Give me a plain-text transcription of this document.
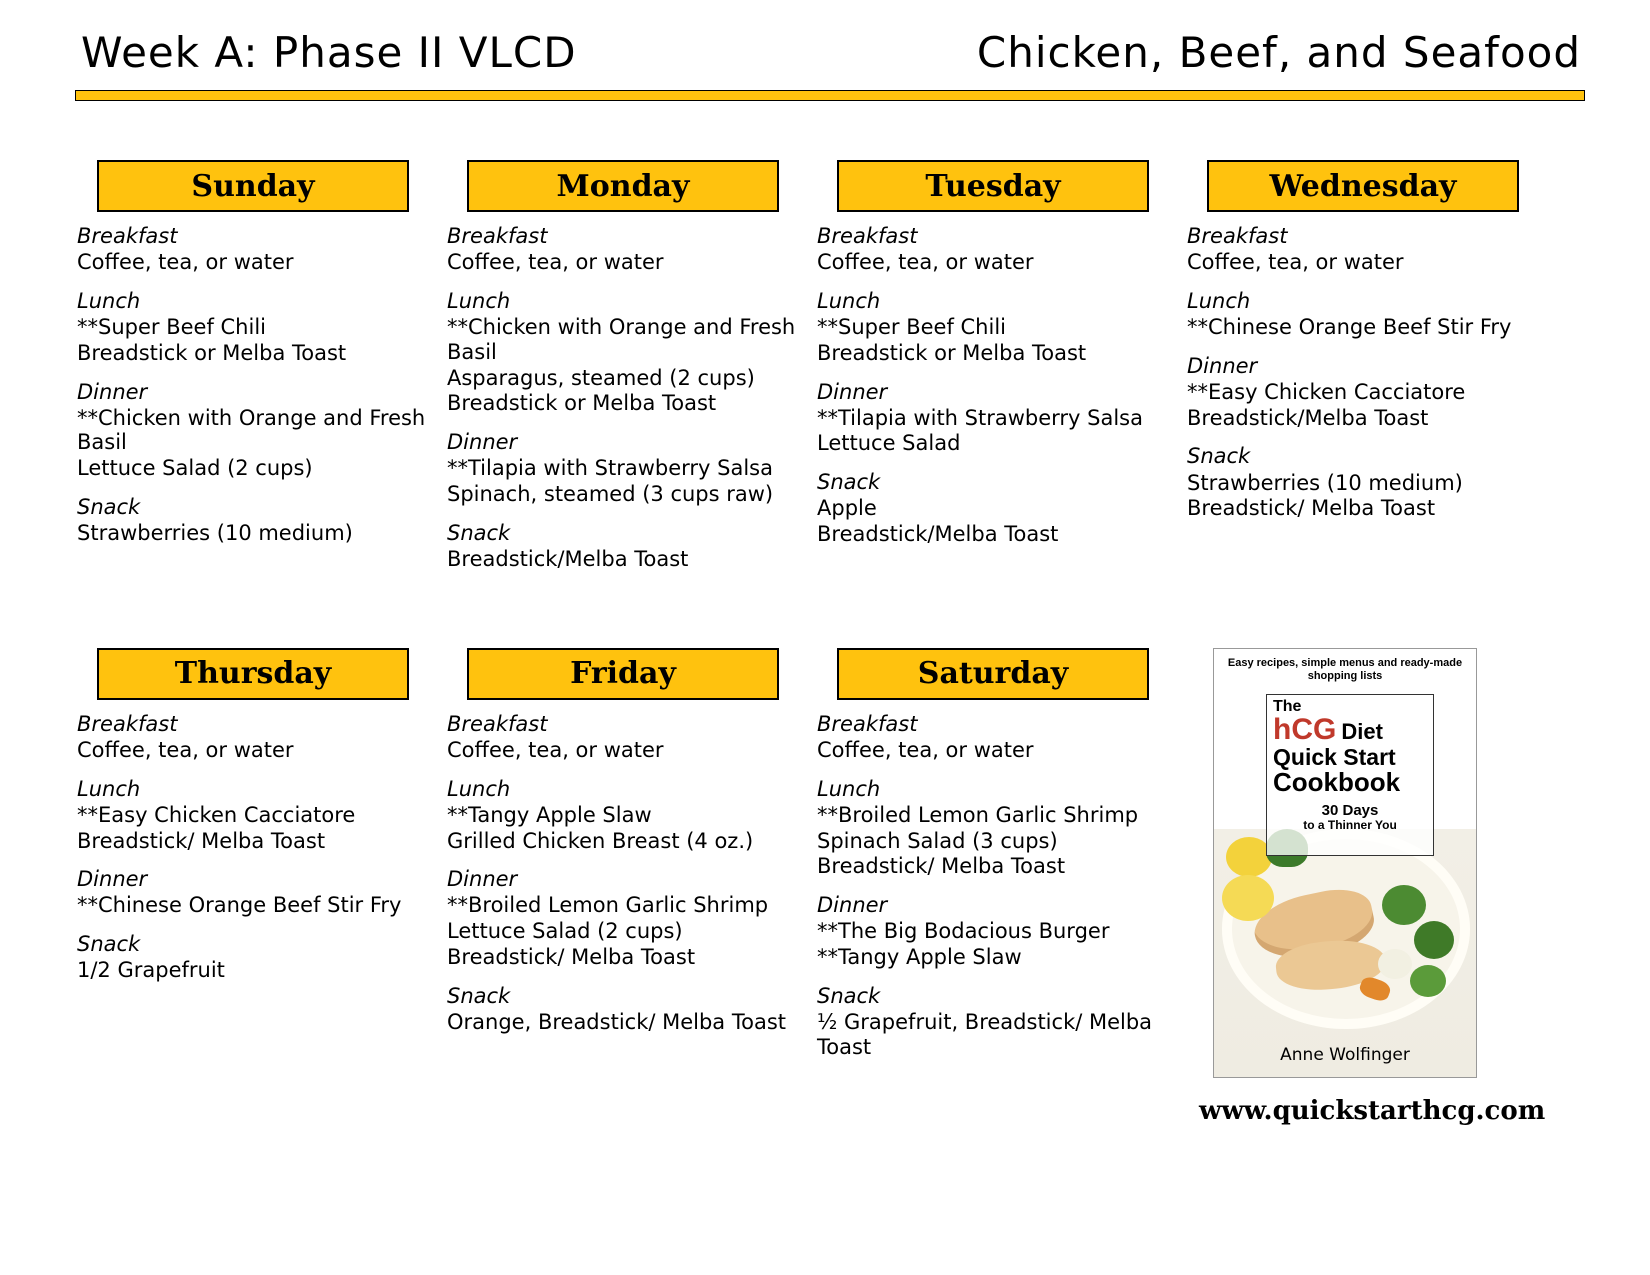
Week A: Phase II VLCD	Chicken, Beef, and Seafood
Sunday
Breakfast
Coffee, tea, or water
Lunch
**Super Beef Chili
Breadstick or Melba Toast
Dinner
**Chicken with Orange and Fresh Basil
Lettuce Salad (2 cups)
Snack
Strawberries (10 medium)
Monday
Breakfast
Coffee, tea, or water
Lunch
**Chicken with Orange and Fresh Basil
Asparagus, steamed (2 cups)
Breadstick or Melba Toast
Dinner
**Tilapia with Strawberry Salsa
Spinach, steamed (3 cups raw)
Snack
Breadstick/Melba Toast
Tuesday
Breakfast
Coffee, tea, or water
Lunch
**Super Beef Chili
Breadstick or Melba Toast
Dinner
**Tilapia with Strawberry Salsa
Lettuce Salad
Snack
Apple
Breadstick/Melba Toast
Wednesday
Breakfast
Coffee, tea, or water
Lunch
**Chinese Orange Beef Stir Fry
Dinner
**Easy Chicken Cacciatore
Breadstick/Melba Toast
Snack
Strawberries (10 medium)
Breadstick/ Melba Toast
Thursday
Breakfast
Coffee, tea, or water
Lunch
**Easy Chicken Cacciatore
Breadstick/ Melba Toast
Dinner
**Chinese Orange Beef Stir Fry
Snack
1/2 Grapefruit
Friday
Breakfast
Coffee, tea, or water
Lunch
**Tangy Apple Slaw
Grilled Chicken Breast (4 oz.)
Dinner
**Broiled Lemon Garlic Shrimp
Lettuce Salad (2 cups)
Breadstick/ Melba Toast
Snack
Orange, Breadstick/ Melba Toast
Saturday
Breakfast
Coffee, tea, or water
Lunch
**Broiled Lemon Garlic Shrimp
Spinach Salad (3 cups)
Breadstick/ Melba Toast
Dinner
**The Big Bodacious Burger
**Tangy Apple Slaw
Snack
½ Grapefruit, Breadstick/ Melba Toast
Easy recipes, simple menus and ready-made shopping lists
The
hCG Diet
Quick Start
Cookbook
30 Days
to a Thinner You
Anne Wolfinger
www.quickstarthcg.com
